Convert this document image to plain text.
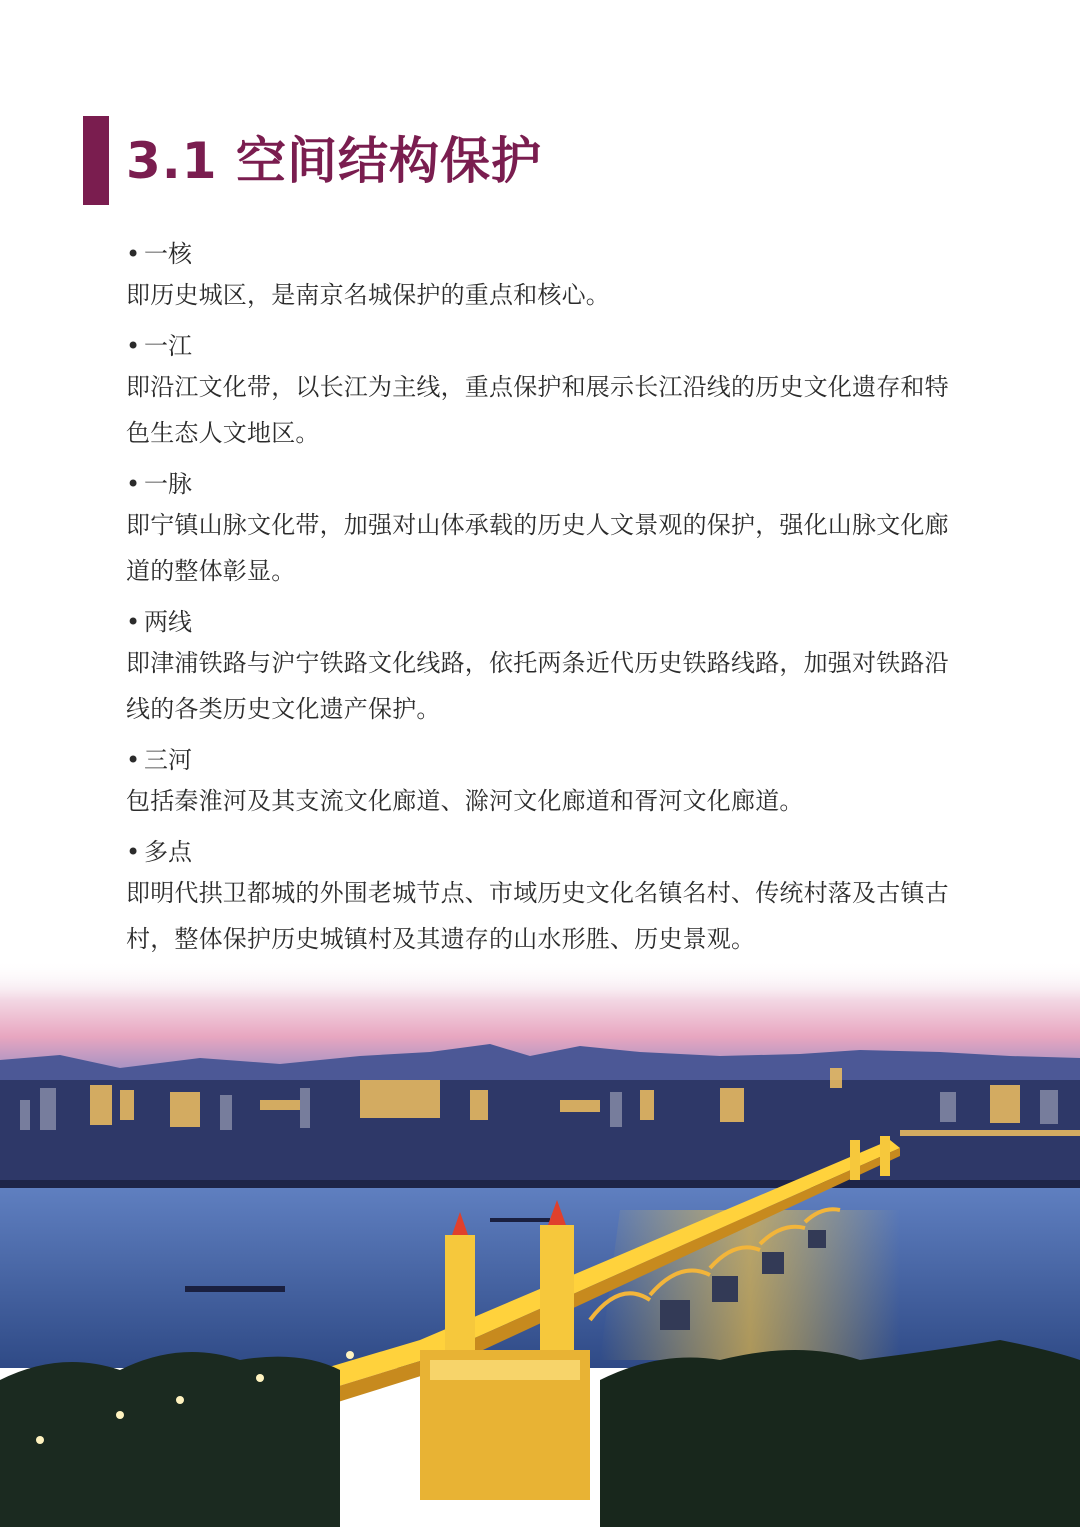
3.1 空间结构保护

• 一核

即历史城区，是南京名城保护的重点和核心。

• 一江

即沿江文化带，以长江为主线，重点保护和展示长江沿线的历史文化遗存和特色生态人文地区。

• 一脉

即宁镇山脉文化带，加强对山体承载的历史人文景观的保护，强化山脉文化廊道的整体彰显。

• 两线

即津浦铁路与沪宁铁路文化线路，依托两条近代历史铁路线路，加强对铁路沿线的各类历史文化遗产保护。

• 三河

包括秦淮河及其支流文化廊道、滁河文化廊道和胥河文化廊道。

• 多点

即明代拱卫都城的外围老城节点、市域历史文化名镇名村、传统村落及古镇古村，整体保护历史城镇村及其遗存的山水形胜、历史景观。
